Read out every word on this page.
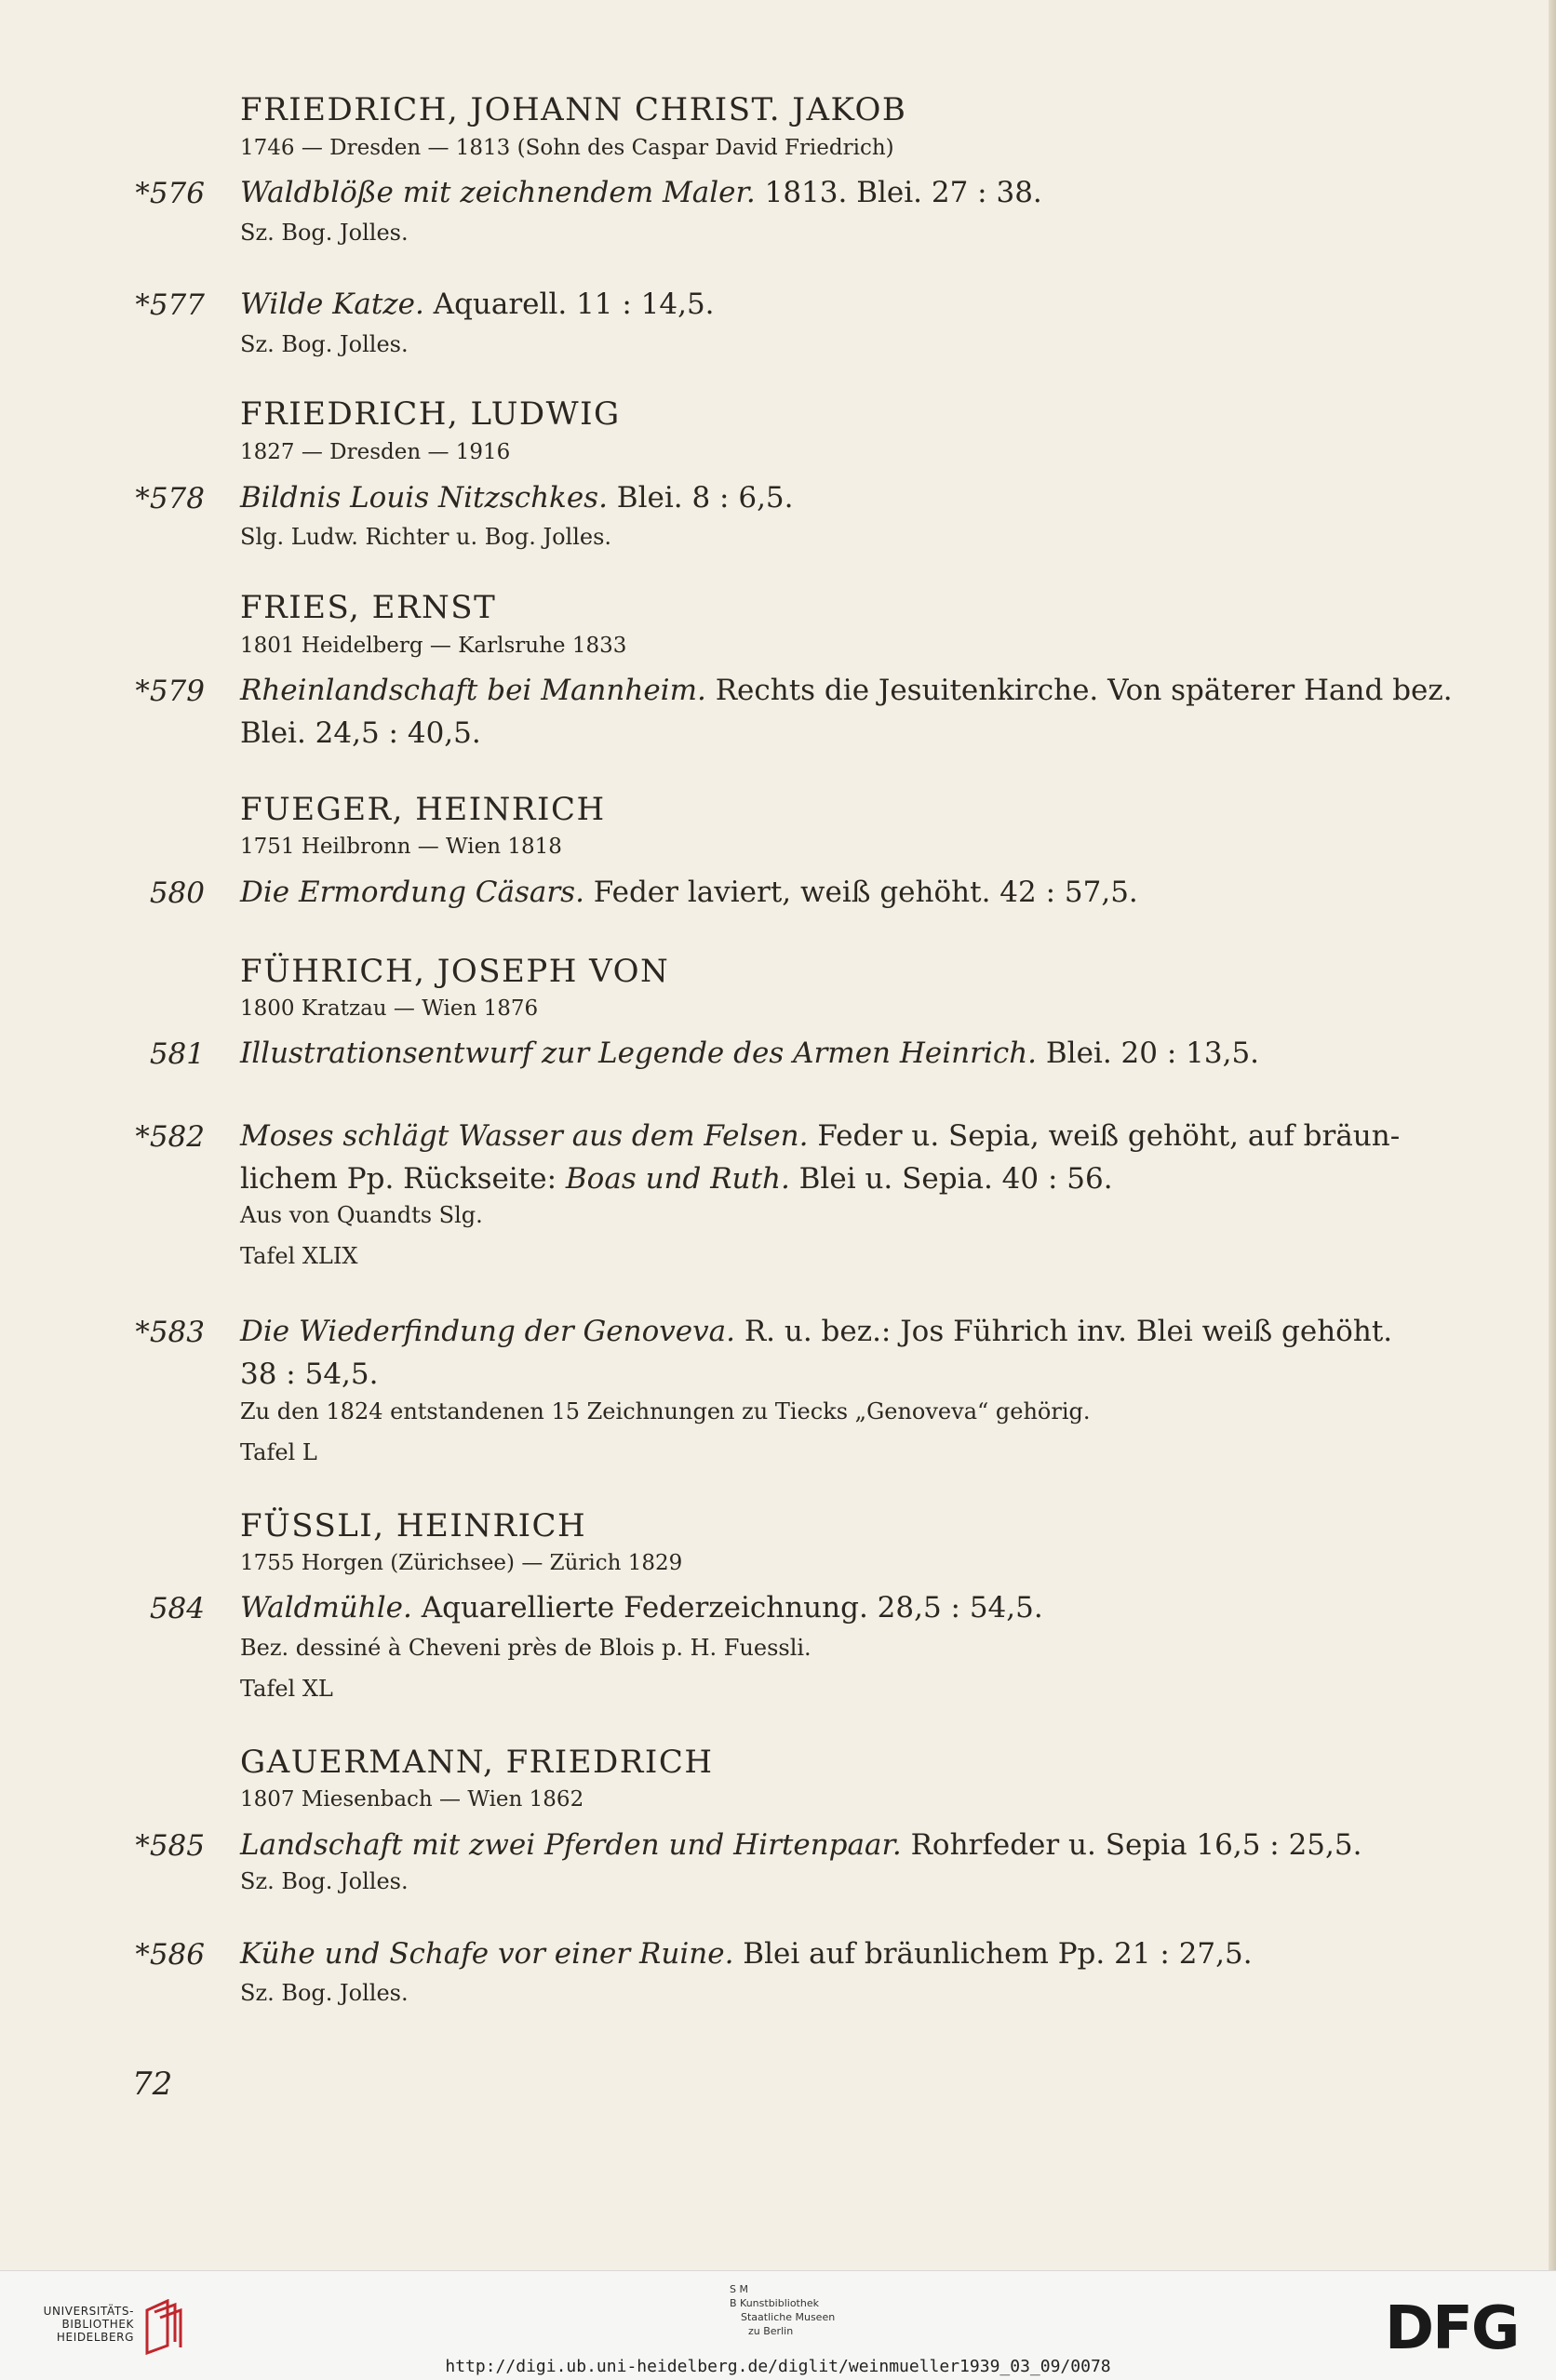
FRIEDRICH, JOHANN CHRIST. JAKOB
1746 — Dresden — 1813 (Sohn des Caspar David Friedrich)
*576 Waldblöße mit zeichnendem Maler. 1813. Blei. 27 : 38.
Sz. Bog. Jolles.
*577 Wilde Katze. Aquarell. 11 : 14,5.
Sz. Bog. Jolles.
FRIEDRICH, LUDWIG
1827 — Dresden — 1916
*578 Bildnis Louis Nitzschkes. Blei. 8 : 6,5.
Slg. Ludw. Richter u. Bog. Jolles.
FRIES, ERNST
1801 Heidelberg — Karlsruhe 1833
*579 Rheinlandschaft bei Mannheim. Rechts die Jesuitenkirche. Von späterer Hand bez.
Blei. 24,5 : 40,5.
FUEGER, HEINRICH
1751 Heilbronn — Wien 1818
580 Die Ermordung Cäsars. Feder laviert, weiß gehöht. 42 : 57,5.
FÜHRICH, JOSEPH VON
1800 Kratzau — Wien 1876
581 Illustrationsentwurf zur Legende des Armen Heinrich. Blei. 20 : 13,5.
*582 Moses schlägt Wasser aus dem Felsen. Feder u. Sepia, weiß gehöht, auf bräun-
lichem Pp. Rückseite: Boas und Ruth. Blei u. Sepia. 40 : 56.
Aus von Quandts Slg.
Tafel XLIX
*583 Die Wiederfindung der Genoveva. R. u. bez.: Jos Führich inv. Blei weiß gehöht.
38 : 54,5.
Zu den 1824 entstandenen 15 Zeichnungen zu Tiecks „Genoveva“ gehörig.
Tafel L
FÜSSLI, HEINRICH
1755 Horgen (Zürichsee) — Zürich 1829
584 Waldmühle. Aquarellierte Federzeichnung. 28,5 : 54,5.
Bez. dessiné à Cheveni près de Blois p. H. Fuessli.
Tafel XL
GAUERMANN, FRIEDRICH
1807 Miesenbach — Wien 1862
*585 Landschaft mit zwei Pferden und Hirtenpaar. Rohrfeder u. Sepia 16,5 : 25,5.
Sz. Bog. Jolles.
*586 Kühe und Schafe vor einer Ruine. Blei auf bräunlichem Pp. 21 : 27,5.
Sz. Bog. Jolles.
72
UNIVERSITÄTS-
BIBLIOTHEK
HEIDELBERG
S M
B Kunstbibliothek
Staatliche Museen
zu Berlin	DFG
http://digi.ub.uni-heidelberg.de/diglit/weinmueller1939_03_09/0078
